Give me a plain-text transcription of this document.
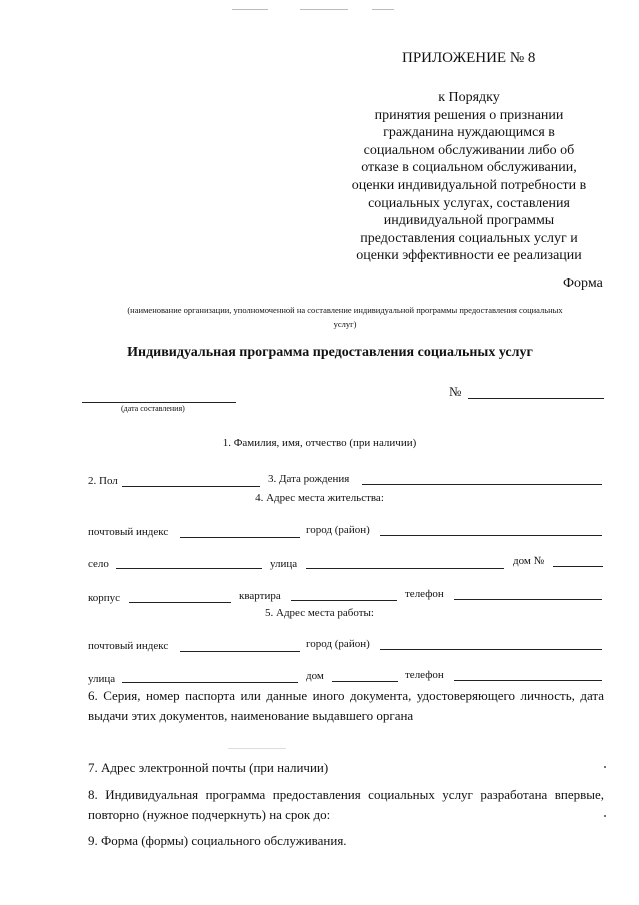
ПРИЛОЖЕНИЕ № 8
к Порядку
принятия решения о признании
гражданина нуждающимся в
социальном обслуживании либо об
отказе в социальном обслуживании,
оценки индивидуальной потребности в
социальных услугах, составления
индивидуальной программы
предоставления социальных услуг и
оценки эффективности ее реализации
Форма
(наименование организации, уполномоченной на составление индивидуальной программы предоставления социальных
услуг)
Индивидуальная программа предоставления социальных услуг
(дата составления)
№
1. Фамилия, имя, отчество (при наличии)
2. Пол	3. Дата рождения
4. Адрес места жительства:
почтовый индекс	город (район)
село	улица	дом №
корпус	квартира	телефон
5. Адрес места работы:
почтовый индекс	город (район)
улица	дом	телефон
6. Серия, номер паспорта или данные иного документа, удостоверяющего личность, дата выдачи этих документов, наименование выдавшего органа
7. Адрес электронной почты (при наличии)
8. Индивидуальная программа предоставления социальных услуг разработана впервые, повторно (нужное подчеркнуть) на срок до:
9. Форма (формы) социального обслуживания.
